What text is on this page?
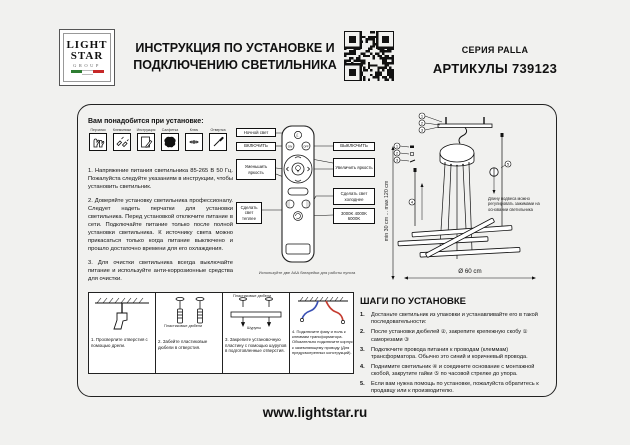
LIGHT
STAR
GROUP
ИНСТРУКЦИЯ ПО УСТАНОВКЕ И
ПОДКЛЮЧЕНИЮ СВЕТИЛЬНИКА
СЕРИЯ PALLA
АРТИКУЛЫ 739123
Вам понадобится при установке:
Перчатки Клеммники Инструкция Салфетка	Ключ	Отвертка

1. Напряжение питания светильника 85-265 В 50 Гц. Пожалуйста следуйте указаниям в инструкции, чтобы установить светильник.

2. Доверяйте установку светильника профессионалу. Следует надеть перчатки для установки светильника. Перед установкой отключите питание в сети. Подключайте питание только после полной установки светильника. К источнику света можно прикасаться только когда питание выключено и прошло достаточно времени для его охлаждения.

3. Для очистки светильника всегда выключайте питание и используйте анти-коррозионные средства для очистки.

☾
ON	OFF
Ночной свет
ВКЛЮЧИТЬ
Уменьшить яркость
Сделать свет теплее
ВЫКЛЮЧИТЬ
Увеличить яркость
Сделать свет холоднее
3000K 4000K 6000K
Используйте две ААА батарейки для работы пульта
1
2
3
1
2
3
4
5
min 30 cm ... max 120 cm
Ø 60 cm
Длину подвеса можно регулировать зажимами на основании светильника
1. Просверлите отверстия с помощью дрели.
Пластиковые дюбели
2. Забейте пластиковые дюбели в отверстия.
Пластиковые дюбели
Шурупы
3. Закрепите установочную пластину с помощью шурупов в подготовленные отверстия.
4. Подключите фазу и ноль к клеммам трансформатора. Обязательно подключите корпус к заземляющему проводу (Для предусмотренных конструкций).
ШАГИ ПО УСТАНОВКЕ
1.	Достаньте светильник из упаковки и устанавливайте его в такой последовательности:
2.	После установки дюбелей ②, закрепите крепежную скобу ① саморезами ③
3.	Подключите провода питания к проводам (клеммам) трансформатора. Обычно это синий и коричневый провода.
4.	Поднимите светильник ④ и соедините основание с монтажной скобой, закрутите гайки ⑤ по часовой стрелке до упора.
5.	Если вам нужна помощь по установке, пожалуйста обратитесь к продавцу или к производителю.
www.lightstar.ru
